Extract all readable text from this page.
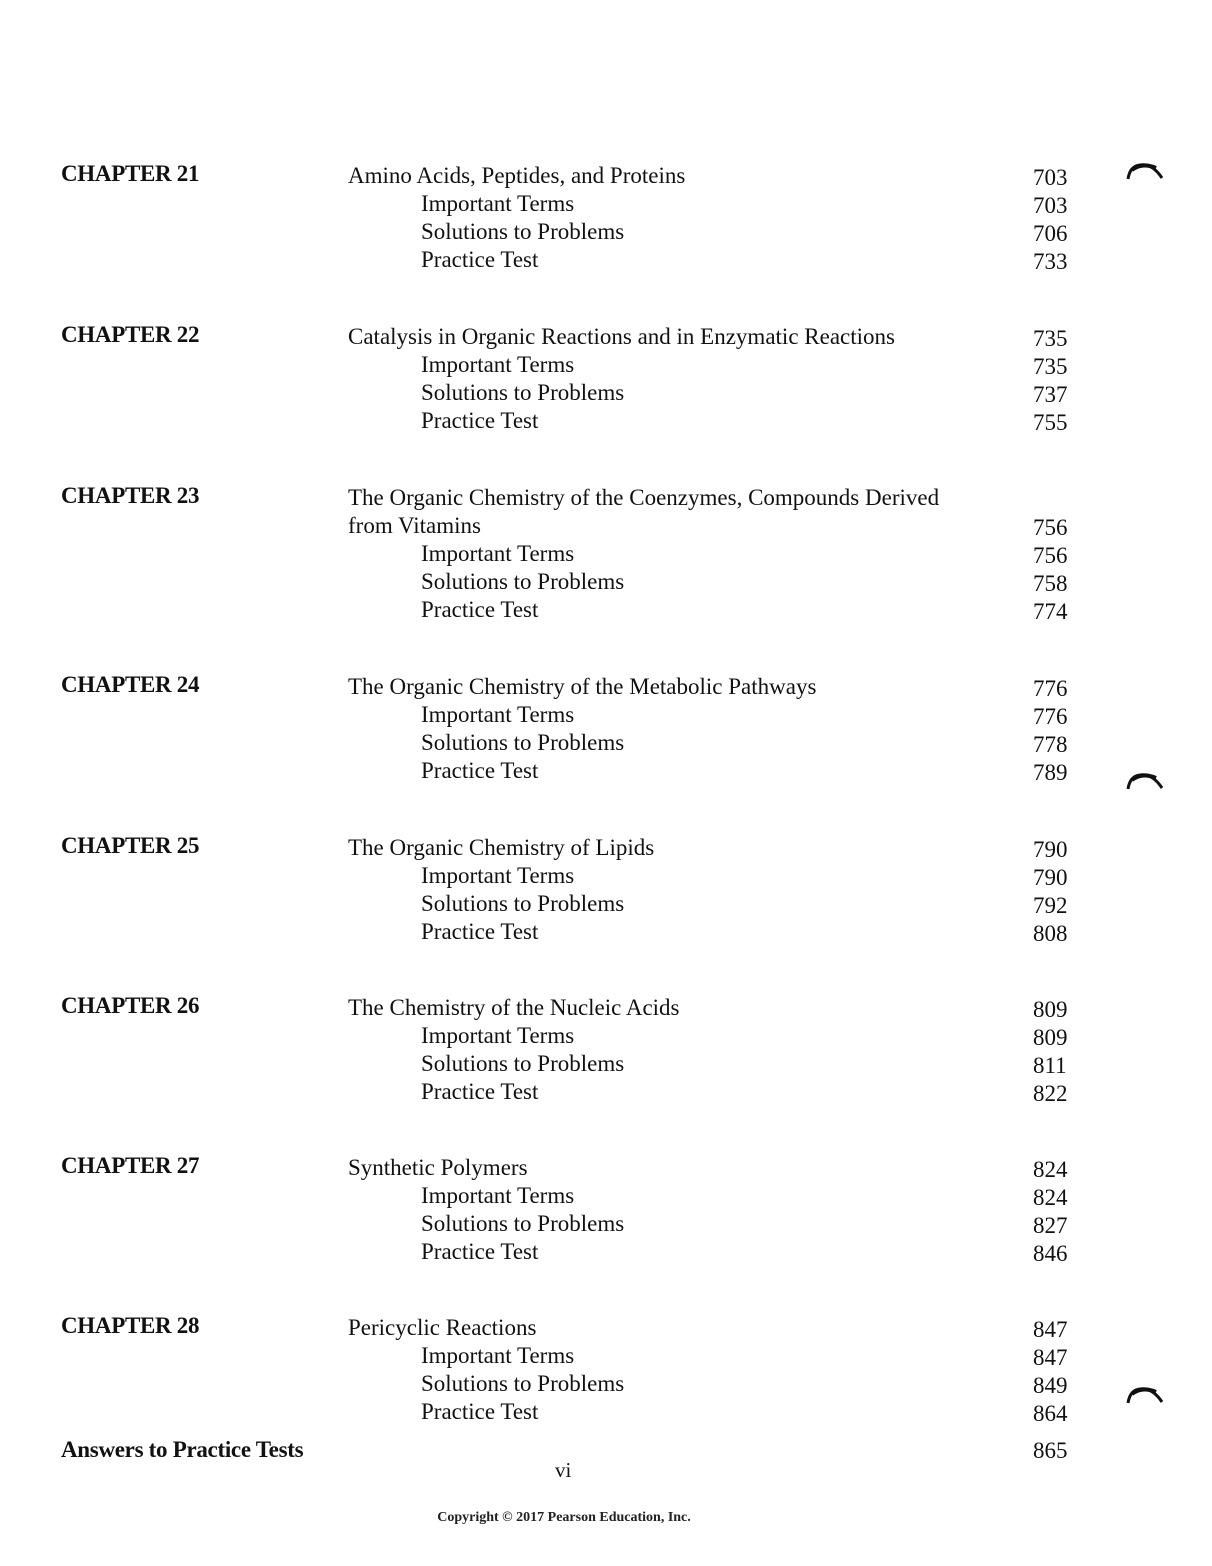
CHAPTER 21	Amino Acids, Peptides, and Proteins	703
Important Terms	703
Solutions to Problems	706
Practice Test	733
CHAPTER 22	Catalysis in Organic Reactions and in Enzymatic Reactions	735
Important Terms	735
Solutions to Problems	737
Practice Test	755
CHAPTER 23	The Organic Chemistry of the Coenzymes, Compounds Derived
from Vitamins	756
Important Terms	756
Solutions to Problems	758
Practice Test	774
CHAPTER 24	The Organic Chemistry of the Metabolic Pathways	776
Important Terms	776
Solutions to Problems	778
Practice Test	789
CHAPTER 25	The Organic Chemistry of Lipids	790
Important Terms	790
Solutions to Problems	792
Practice Test	808
CHAPTER 26	The Chemistry of the Nucleic Acids	809
Important Terms	809
Solutions to Problems	811
Practice Test	822
CHAPTER 27	Synthetic Polymers	824
Important Terms	824
Solutions to Problems	827
Practice Test	846
CHAPTER 28	Pericyclic Reactions	847
Important Terms	847
Solutions to Problems	849
Practice Test	864
Answers to Practice Tests	865
vi
Copyright © 2017 Pearson Education, Inc.
